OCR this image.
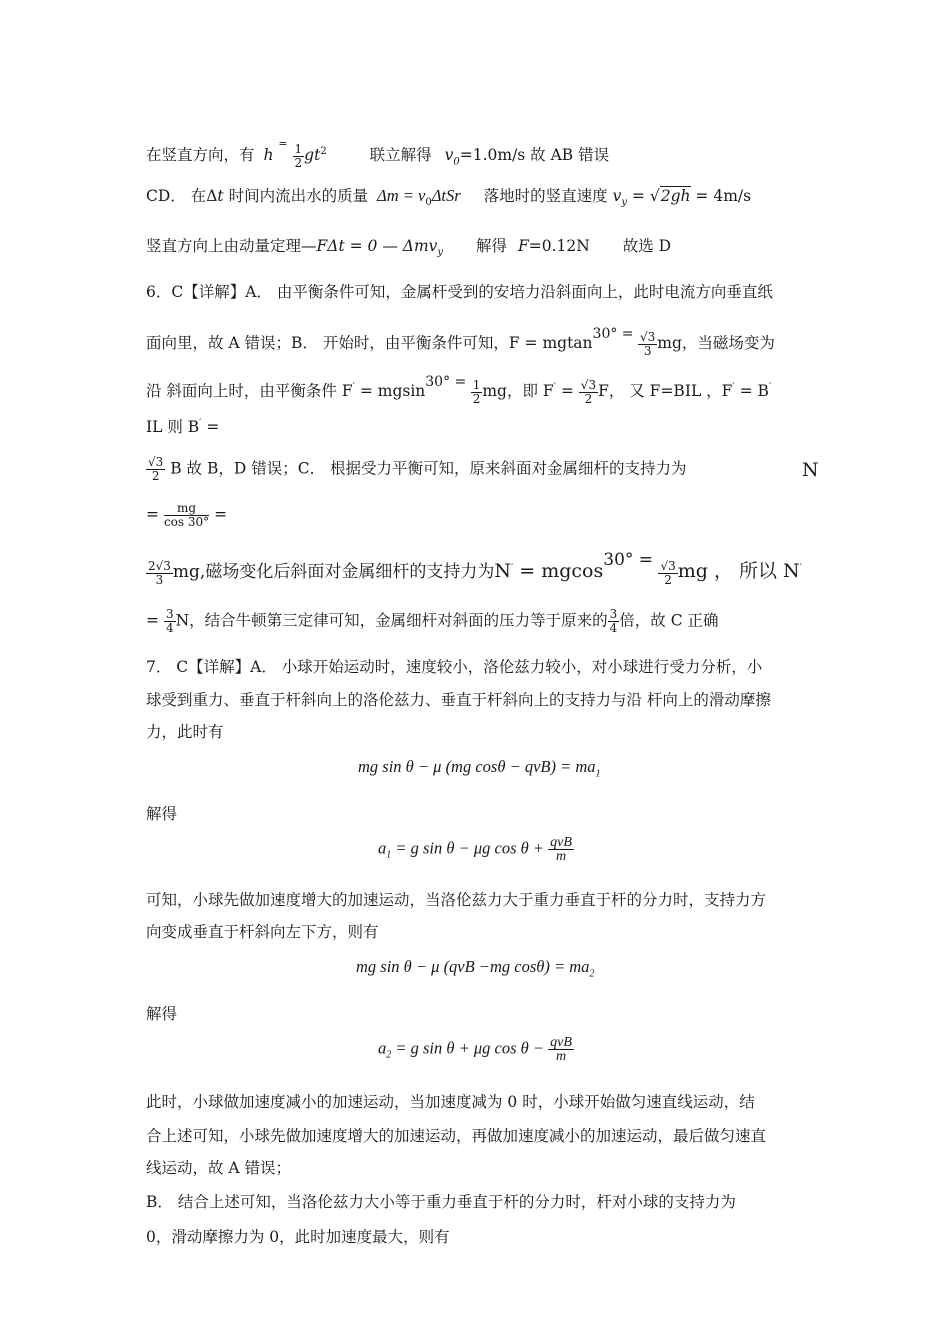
在竖直方向，有 h
=
$\frac{1}{2} gt^2$	联立解得 $v_0=1.0m/s$ 故 AB 错误
CD． 在Δt 时间内流出水的质量 $\Delta m = v_0\Delta tSr$ 落地时的竖直速度 $v_y = √2gh = 4m/s$
竖直方向上由动量定理—FΔt = 0 — Δmv$_y$ 解得 F=0.12N 故选 D
6．C【详解】A． 由平衡条件可知，金属杆受到的安培力沿斜面向上，此时电流方向垂直纸
面向里，故 A 错误；B． 开始时，由平衡条件可知，$F = mgtan^{30^\circ =} \frac{√3}{3}$ mg，当磁场变为
沿 斜面向上时，由平衡条件 $F' = mgsin^{30^\circ =} \frac{1}{2}$ mg，即 $F' = \frac{√3}{2}$ F， 又 F=BIL ，F′ = B′
IL 则 B′ =
$\frac{√3}{2}$ B 故 B，D 错误；C． 根据受力平衡可知，原来斜面对金属细杆的支持力为	N
= $\frac{mg}{\cos 30^\circ}$ =
$\frac{2√3}{3}$ mg,磁场变化后斜面对金属细杆的支持力为$N' = mgcos^{30^\circ =} \frac{√3}{2}$ mg ， 所以 N′
= $\frac{3}{4}$ N，结合牛顿第三定律可知，金属细杆对斜面的压力等于原来的 $\frac{3}{4}$ 倍，故 C 正确
7． C【详解】A． 小球开始运动时，速度较小，洛伦兹力较小，对小球进行受力分析，小
球受到重力、垂直于杆斜向上的洛伦兹力、垂直于杆斜向上的支持力与沿 杆向上的滑动摩擦
力，此时有
mg sin θ − μ (mg $\cos\theta - qvB) = ma_1$
解得
$a_1 = g$ sin θ − μg $\cos \theta + \frac{\text{qvB}}{m}$
可知，小球先做加速度增大的加速运动，当洛伦兹力大于重力垂直于杆的分力时，支持力方
向变成垂直于杆斜向左下方，则有
mg sin θ − μ (qvB −mg $\cos\theta) = ma_2$
解得
$a_2 = g$ sin θ + μg $\cos \theta - \frac{\text{qvB}}{m}$
此时，小球做加速度减小的加速运动，当加速度减为 0 时，小球开始做匀速直线运动，结
合上述可知，小球先做加速度增大的加速运动，再做加速度减小的加速运动，最后做匀速直
线运动，故 A 错误；
B． 结合上述可知，当洛伦兹力大小等于重力垂直于杆的分力时，杆对小球的支持力为
0，滑动摩擦力为 0，此时加速度最大，则有
